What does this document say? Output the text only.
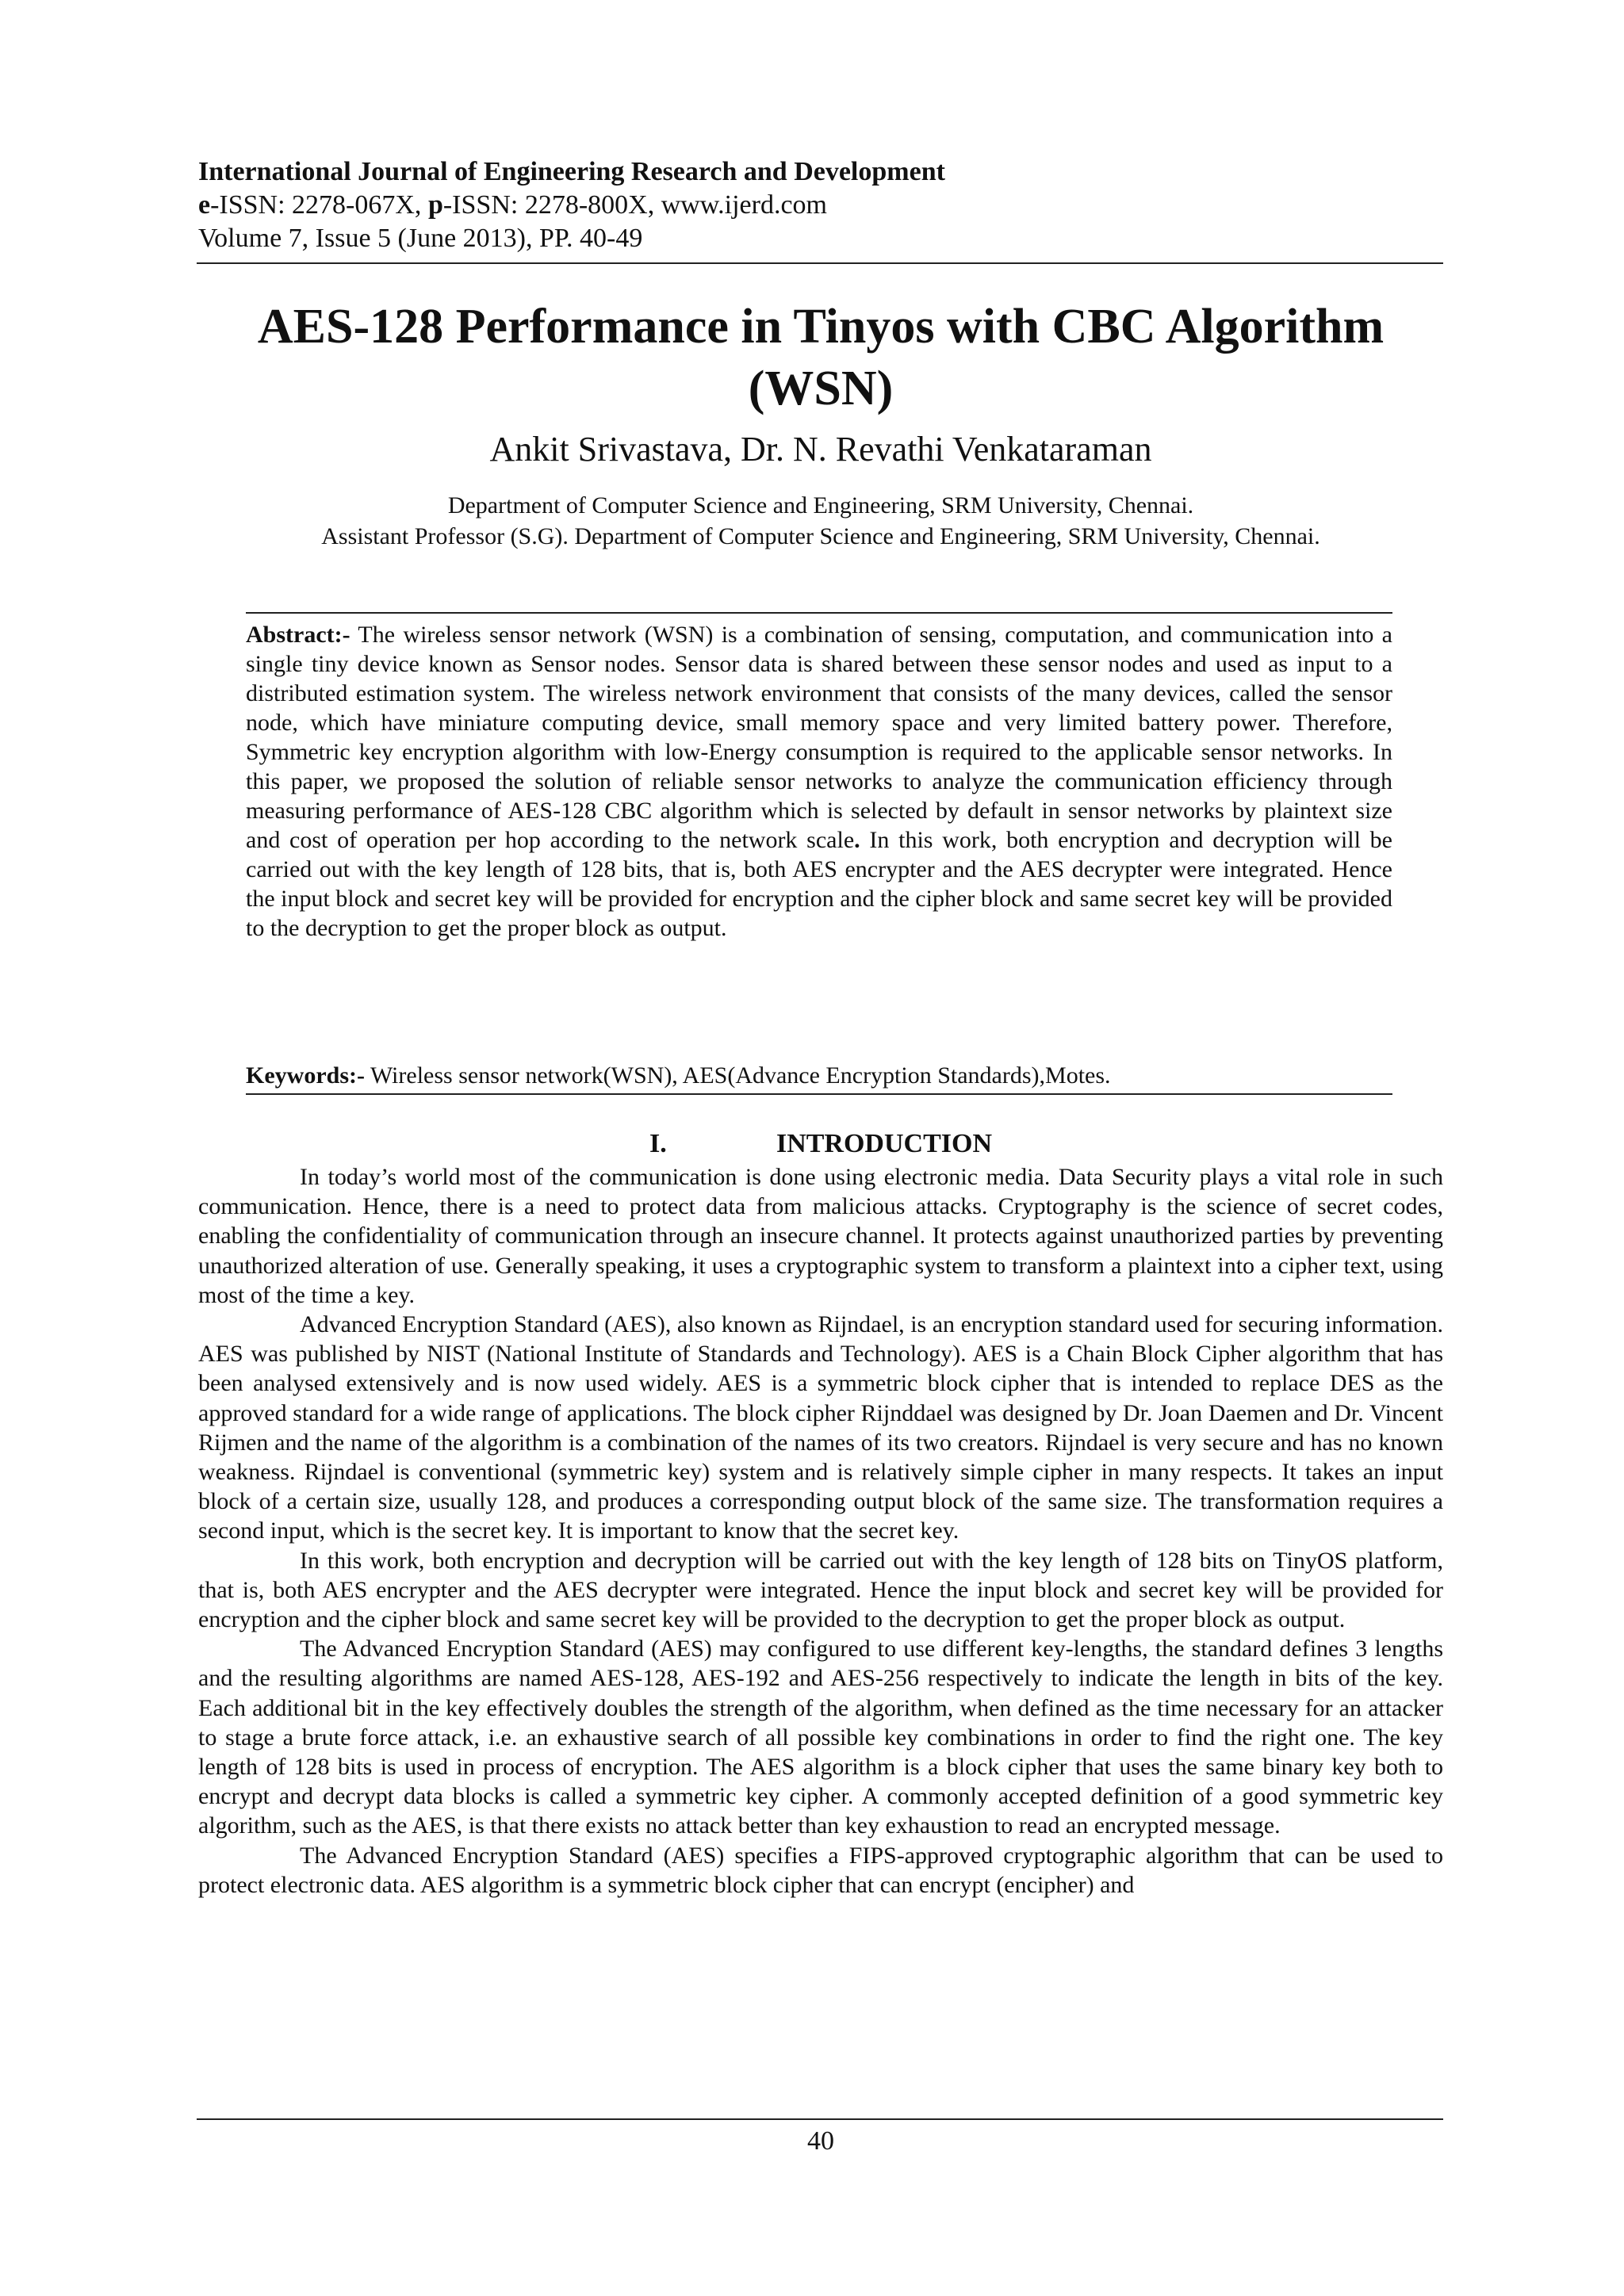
International Journal of Engineering Research and Development
e-ISSN: 2278-067X, p-ISSN: 2278-800X, www.ijerd.com
Volume 7, Issue 5 (June 2013), PP. 40-49
AES-128 Performance in Tinyos with CBC Algorithm
(WSN)
Ankit Srivastava, Dr. N. Revathi Venkataraman
Department of Computer Science and Engineering, SRM University, Chennai.
Assistant Professor (S.G). Department of Computer Science and Engineering, SRM University, Chennai.
Abstract:- The wireless sensor network (WSN) is a combination of sensing, computation, and communication into a single tiny device known as Sensor nodes. Sensor data is shared between these sensor nodes and used as input to a distributed estimation system. The wireless network environment that consists of the many devices, called the sensor node, which have miniature computing device, small memory space and very limited battery power. Therefore, Symmetric key encryption algorithm with low-Energy consumption is required to the applicable sensor networks. In this paper, we proposed the solution of reliable sensor networks to analyze the communication efficiency through measuring performance of AES-128 CBC algorithm which is selected by default in sensor networks by plaintext size and cost of operation per hop according to the network scale. In this work, both encryption and decryption will be carried out with the key length of 128 bits, that is, both AES encrypter and the AES decrypter were integrated. Hence the input block and secret key will be provided for encryption and the cipher block and same secret key will be provided to the decryption to get the proper block as output.
Keywords:- Wireless sensor network(WSN), AES(Advance Encryption Standards),Motes.
I.	INTRODUCTION

In today’s world most of the communication is done using electronic media. Data Security plays a vital role in such communication. Hence, there is a need to protect data from malicious attacks. Cryptography is the science of secret codes, enabling the confidentiality of communication through an insecure channel. It protects against unauthorized parties by preventing unauthorized alteration of use. Generally speaking, it uses a cryptographic system to transform a plaintext into a cipher text, using most of the time a key.

Advanced Encryption Standard (AES), also known as Rijndael, is an encryption standard used for securing information. AES was published by NIST (National Institute of Standards and Technology). AES is a Chain Block Cipher algorithm that has been analysed extensively and is now used widely. AES is a symmetric block cipher that is intended to replace DES as the approved standard for a wide range of applications. The block cipher Rijnddael was designed by Dr. Joan Daemen and Dr. Vincent Rijmen and the name of the algorithm is a combination of the names of its two creators. Rijndael is very secure and has no known weakness. Rijndael is conventional (symmetric key) system and is relatively simple cipher in many respects. It takes an input block of a certain size, usually 128, and produces a corresponding output block of the same size. The transformation requires a second input, which is the secret key. It is important to know that the secret key.

In this work, both encryption and decryption will be carried out with the key length of 128 bits on TinyOS platform, that is, both AES encrypter and the AES decrypter were integrated. Hence the input block and secret key will be provided for encryption and the cipher block and same secret key will be provided to the decryption to get the proper block as output.

The Advanced Encryption Standard (AES) may configured to use different key-lengths, the standard defines 3 lengths and the resulting algorithms are named AES-128, AES-192 and AES-256 respectively to indicate the length in bits of the key. Each additional bit in the key effectively doubles the strength of the algorithm, when defined as the time necessary for an attacker to stage a brute force attack, i.e. an exhaustive search of all possible key combinations in order to find the right one. The key length of 128 bits is used in process of encryption. The AES algorithm is a block cipher that uses the same binary key both to encrypt and decrypt data blocks is called a symmetric key cipher. A commonly accepted definition of a good symmetric key algorithm, such as the AES, is that there exists no attack better than key exhaustion to read an encrypted message.

The Advanced Encryption Standard (AES) specifies a FIPS-approved cryptographic algorithm that can be used to protect electronic data. AES algorithm is a symmetric block cipher that can encrypt (encipher) and

40
